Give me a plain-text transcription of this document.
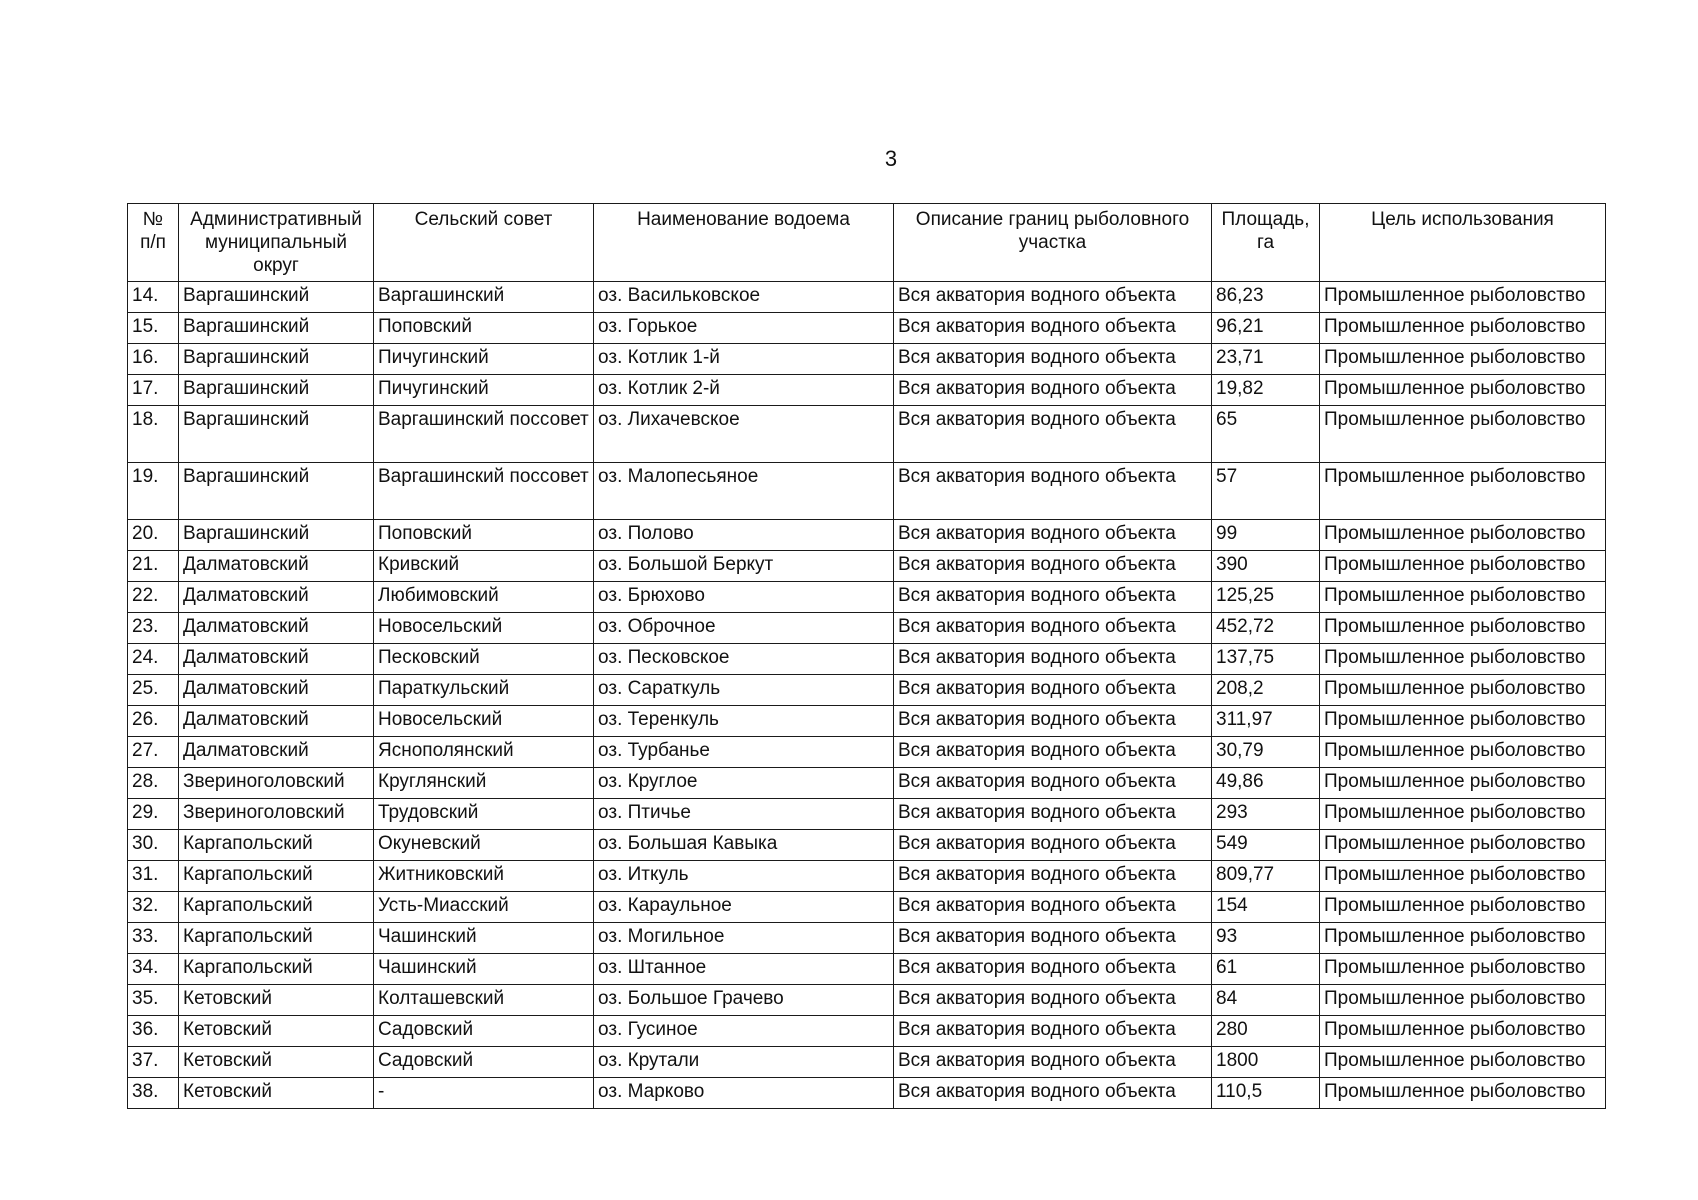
3
№
п/п	Административный
муниципальный
округ	Сельский совет	Наименование водоема	Описание границ рыболовного
участка	Площадь,
га	Цель использования

14.	Варгашинский	Варгашинский	оз. Васильковское	Вся акватория водного объекта	86,23	Промышленное рыболовство
15.	Варгашинский	Поповский	оз. Горькое	Вся акватория водного объекта	96,21	Промышленное рыболовство
16.	Варгашинский	Пичугинский	оз. Котлик 1-й	Вся акватория водного объекта	23,71	Промышленное рыболовство
17.	Варгашинский	Пичугинский	оз. Котлик 2-й	Вся акватория водного объекта	19,82	Промышленное рыболовство
18.	Варгашинский	Варгашинский поссовет	оз. Лихачевское	Вся акватория водного объекта	65	Промышленное рыболовство
19.	Варгашинский	Варгашинский поссовет	оз. Малопесьяное	Вся акватория водного объекта	57	Промышленное рыболовство
20.	Варгашинский	Поповский	оз. Полово	Вся акватория водного объекта	99	Промышленное рыболовство
21.	Далматовский	Кривский	оз. Большой Беркут	Вся акватория водного объекта	390	Промышленное рыболовство
22.	Далматовский	Любимовский	оз. Брюхово	Вся акватория водного объекта	125,25	Промышленное рыболовство
23.	Далматовский	Новосельский	оз. Оброчное	Вся акватория водного объекта	452,72	Промышленное рыболовство
24.	Далматовский	Песковский	оз. Песковское	Вся акватория водного объекта	137,75	Промышленное рыболовство
25.	Далматовский	Параткульский	оз. Сараткуль	Вся акватория водного объекта	208,2	Промышленное рыболовство
26.	Далматовский	Новосельский	оз. Теренкуль	Вся акватория водного объекта	311,97	Промышленное рыболовство
27.	Далматовский	Яснополянский	оз. Турбанье	Вся акватория водного объекта	30,79	Промышленное рыболовство
28.	Звериноголовский	Круглянский	оз. Круглое	Вся акватория водного объекта	49,86	Промышленное рыболовство
29.	Звериноголовский	Трудовский	оз. Птичье	Вся акватория водного объекта	293	Промышленное рыболовство
30.	Каргапольский	Окуневский	оз. Большая Кавыка	Вся акватория водного объекта	549	Промышленное рыболовство
31.	Каргапольский	Житниковский	оз. Иткуль	Вся акватория водного объекта	809,77	Промышленное рыболовство
32.	Каргапольский	Усть-Миасский	оз. Караульное	Вся акватория водного объекта	154	Промышленное рыболовство
33.	Каргапольский	Чашинский	оз. Могильное	Вся акватория водного объекта	93	Промышленное рыболовство
34.	Каргапольский	Чашинский	оз. Штанное	Вся акватория водного объекта	61	Промышленное рыболовство
35.	Кетовский	Колташевский	оз. Большое Грачево	Вся акватория водного объекта	84	Промышленное рыболовство
36.	Кетовский	Садовский	оз. Гусиное	Вся акватория водного объекта	280	Промышленное рыболовство
37.	Кетовский	Садовский	оз. Крутали	Вся акватория водного объекта	1800	Промышленное рыболовство
38.	Кетовский	-	оз. Марково	Вся акватория водного объекта	110,5	Промышленное рыболовство
